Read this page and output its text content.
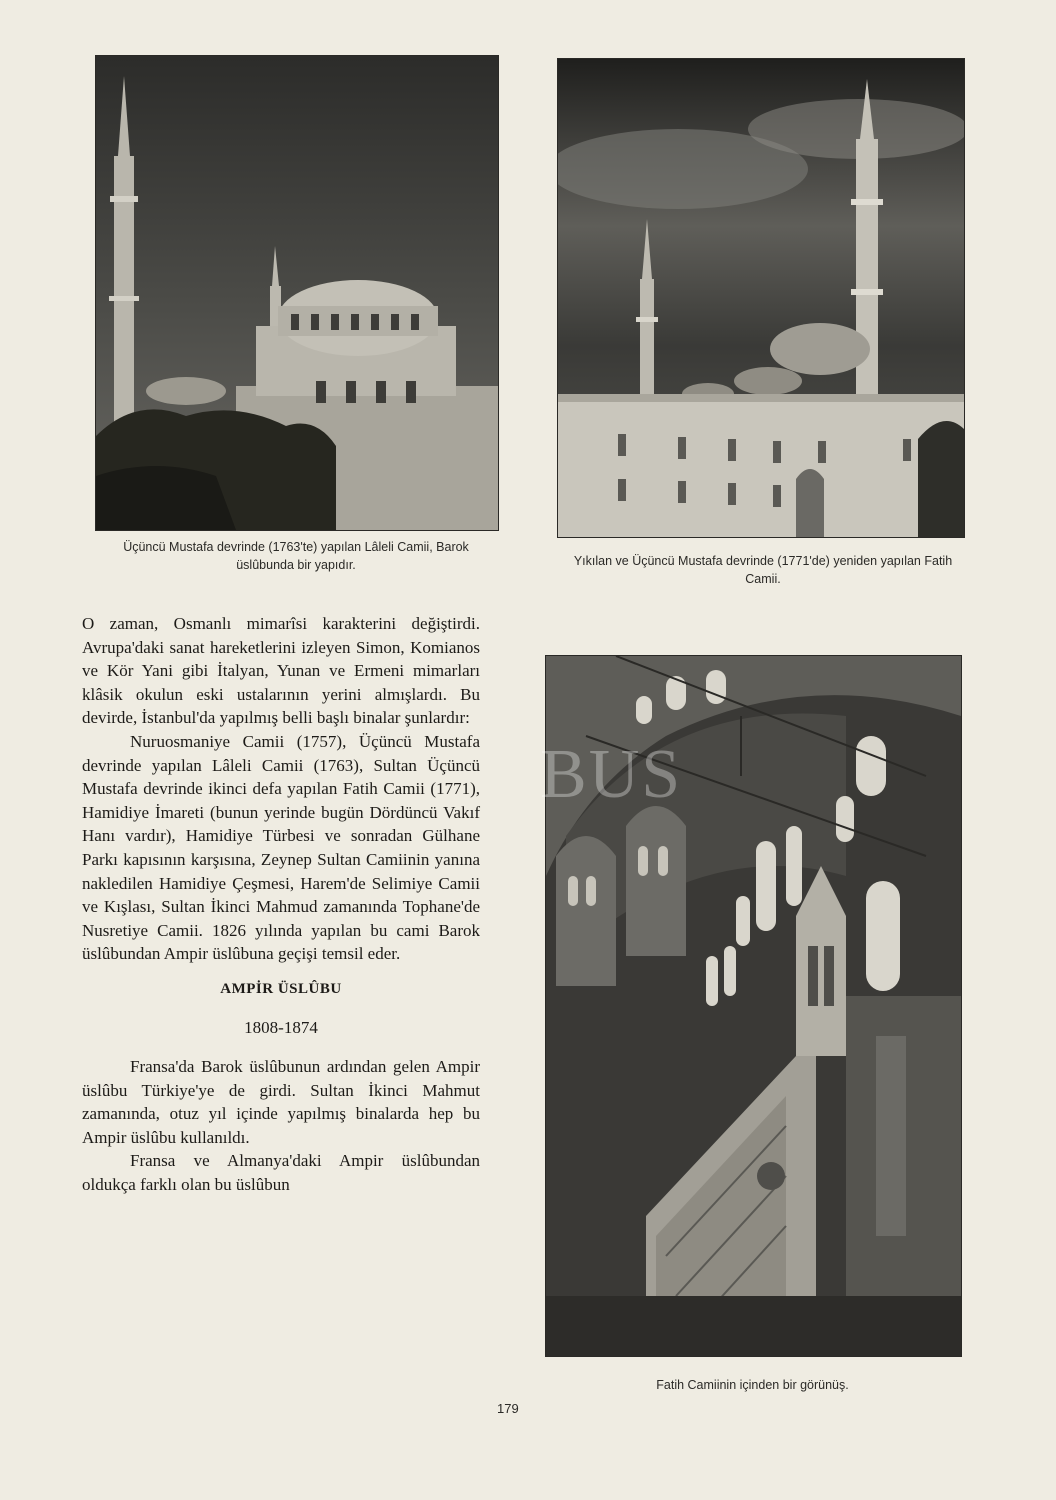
Üçüncü Mustafa devrinde (1763'te) yapılan Lâleli Camii, Barok üslûbunda bir yapıdır.	Yıkılan ve Üçüncü Mustafa devrinde (1771'de) yeniden yapılan Fatih Camii.
BUS
Fatih Camiinin içinden bir görünüş.

O zaman, Osmanlı mimarîsi karakterini değiştirdi. Avrupa'daki sanat hareketlerini izleyen Simon, Komianos ve Kör Yani gibi İtalyan, Yunan ve Ermeni mimarları klâsik okulun eski ustalarının yerini almışlardı. Bu devirde, İstanbul'da yapılmış belli başlı binalar şunlardır:

Nuruosmaniye Camii (1757), Üçüncü Mustafa devrinde yapılan Lâleli Camii (1763), Sultan Üçüncü Mustafa devrinde ikinci defa yapılan Fatih Camii (1771), Hamidiye İmareti (bunun yerinde bugün Dördüncü Vakıf Hanı vardır), Hamidiye Türbesi ve sonradan Gülhane Parkı kapısının karşısına, Zeynep Sultan Camiinin yanına nakledilen Hamidiye Çeşmesi, Harem'de Selimiye Camii ve Kışlası, Sultan İkinci Mahmud zamanında Tophane'de Nusretiye Camii. 1826 yılında yapılan bu cami Barok üslûbundan Ampir üslûbuna geçişi temsil eder.

AMPİR ÜSLÛBU

1808-1874

Fransa'da Barok üslûbunun ardından gelen Ampir üslûbu Türkiye'ye de girdi. Sultan İkinci Mahmut zamanında, otuz yıl içinde yapılmış binalarda hep bu Ampir üslûbu kullanıldı.

Fransa ve Almanya'daki Ampir üslûbundan oldukça farklı olan bu üslûbun

179
